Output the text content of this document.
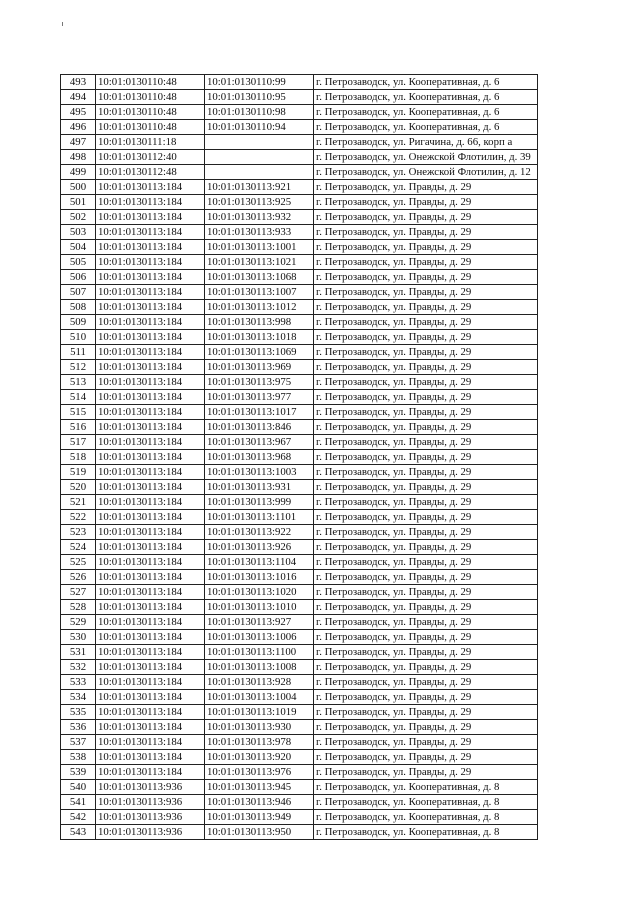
493	10:01:0130110:48	10:01:0130110:99	г. Петрозаводск, ул. Кооперативная, д. 6
494	10:01:0130110:48	10:01:0130110:95	г. Петрозаводск, ул. Кооперативная, д. 6
495	10:01:0130110:48	10:01:0130110:98	г. Петрозаводск, ул. Кооперативная, д. 6
496	10:01:0130110:48	10:01:0130110:94	г. Петрозаводск, ул. Кооперативная, д. 6
497	10:01:0130111:18		г. Петрозаводск, ул. Ригачина, д. 66, корп а
498	10:01:0130112:40		г. Петрозаводск, ул. Онежской Флотилин, д. 39
499	10:01:0130112:48		г. Петрозаводск, ул. Онежской Флотилин, д. 12
500	10:01:0130113:184	10:01:0130113:921	г. Петрозаводск, ул. Правды, д. 29
501	10:01:0130113:184	10:01:0130113:925	г. Петрозаводск, ул. Правды, д. 29
502	10:01:0130113:184	10:01:0130113:932	г. Петрозаводск, ул. Правды, д. 29
503	10:01:0130113:184	10:01:0130113:933	г. Петрозаводск, ул. Правды, д. 29
504	10:01:0130113:184	10:01:0130113:1001	г. Петрозаводск, ул. Правды, д. 29
505	10:01:0130113:184	10:01:0130113:1021	г. Петрозаводск, ул. Правды, д. 29
506	10:01:0130113:184	10:01:0130113:1068	г. Петрозаводск, ул. Правды, д. 29
507	10:01:0130113:184	10:01:0130113:1007	г. Петрозаводск, ул. Правды, д. 29
508	10:01:0130113:184	10:01:0130113:1012	г. Петрозаводск, ул. Правды, д. 29
509	10:01:0130113:184	10:01:0130113:998	г. Петрозаводск, ул. Правды, д. 29
510	10:01:0130113:184	10:01:0130113:1018	г. Петрозаводск, ул. Правды, д. 29
511	10:01:0130113:184	10:01:0130113:1069	г. Петрозаводск, ул. Правды, д. 29
512	10:01:0130113:184	10:01:0130113:969	г. Петрозаводск, ул. Правды, д. 29
513	10:01:0130113:184	10:01:0130113:975	г. Петрозаводск, ул. Правды, д. 29
514	10:01:0130113:184	10:01:0130113:977	г. Петрозаводск, ул. Правды, д. 29
515	10:01:0130113:184	10:01:0130113:1017	г. Петрозаводск, ул. Правды, д. 29
516	10:01:0130113:184	10:01:0130113:846	г. Петрозаводск, ул. Правды, д. 29
517	10:01:0130113:184	10:01:0130113:967	г. Петрозаводск, ул. Правды, д. 29
518	10:01:0130113:184	10:01:0130113:968	г. Петрозаводск, ул. Правды, д. 29
519	10:01:0130113:184	10:01:0130113:1003	г. Петрозаводск, ул. Правды, д. 29
520	10:01:0130113:184	10:01:0130113:931	г. Петрозаводск, ул. Правды, д. 29
521	10:01:0130113:184	10:01:0130113:999	г. Петрозаводск, ул. Правды, д. 29
522	10:01:0130113:184	10:01:0130113:1101	г. Петрозаводск, ул. Правды, д. 29
523	10:01:0130113:184	10:01:0130113:922	г. Петрозаводск, ул. Правды, д. 29
524	10:01:0130113:184	10:01:0130113:926	г. Петрозаводск, ул. Правды, д. 29
525	10:01:0130113:184	10:01:0130113:1104	г. Петрозаводск, ул. Правды, д. 29
526	10:01:0130113:184	10:01:0130113:1016	г. Петрозаводск, ул. Правды, д. 29
527	10:01:0130113:184	10:01:0130113:1020	г. Петрозаводск, ул. Правды, д. 29
528	10:01:0130113:184	10:01:0130113:1010	г. Петрозаводск, ул. Правды, д. 29
529	10:01:0130113:184	10:01:0130113:927	г. Петрозаводск, ул. Правды, д. 29
530	10:01:0130113:184	10:01:0130113:1006	г. Петрозаводск, ул. Правды, д. 29
531	10:01:0130113:184	10:01:0130113:1100	г. Петрозаводск, ул. Правды, д. 29
532	10:01:0130113:184	10:01:0130113:1008	г. Петрозаводск, ул. Правды, д. 29
533	10:01:0130113:184	10:01:0130113:928	г. Петрозаводск, ул. Правды, д. 29
534	10:01:0130113:184	10:01:0130113:1004	г. Петрозаводск, ул. Правды, д. 29
535	10:01:0130113:184	10:01:0130113:1019	г. Петрозаводск, ул. Правды, д. 29
536	10:01:0130113:184	10:01:0130113:930	г. Петрозаводск, ул. Правды, д. 29
537	10:01:0130113:184	10:01:0130113:978	г. Петрозаводск, ул. Правды, д. 29
538	10:01:0130113:184	10:01:0130113:920	г. Петрозаводск, ул. Правды, д. 29
539	10:01:0130113:184	10:01:0130113:976	г. Петрозаводск, ул. Правды, д. 29
540	10:01:0130113:936	10:01:0130113:945	г. Петрозаводск, ул. Кооперативная, д. 8
541	10:01:0130113:936	10:01:0130113:946	г. Петрозаводск, ул. Кооперативная, д. 8
542	10:01:0130113:936	10:01:0130113:949	г. Петрозаводск, ул. Кооперативная, д. 8
543	10:01:0130113:936	10:01:0130113:950	г. Петрозаводск, ул. Кооперативная, д. 8
